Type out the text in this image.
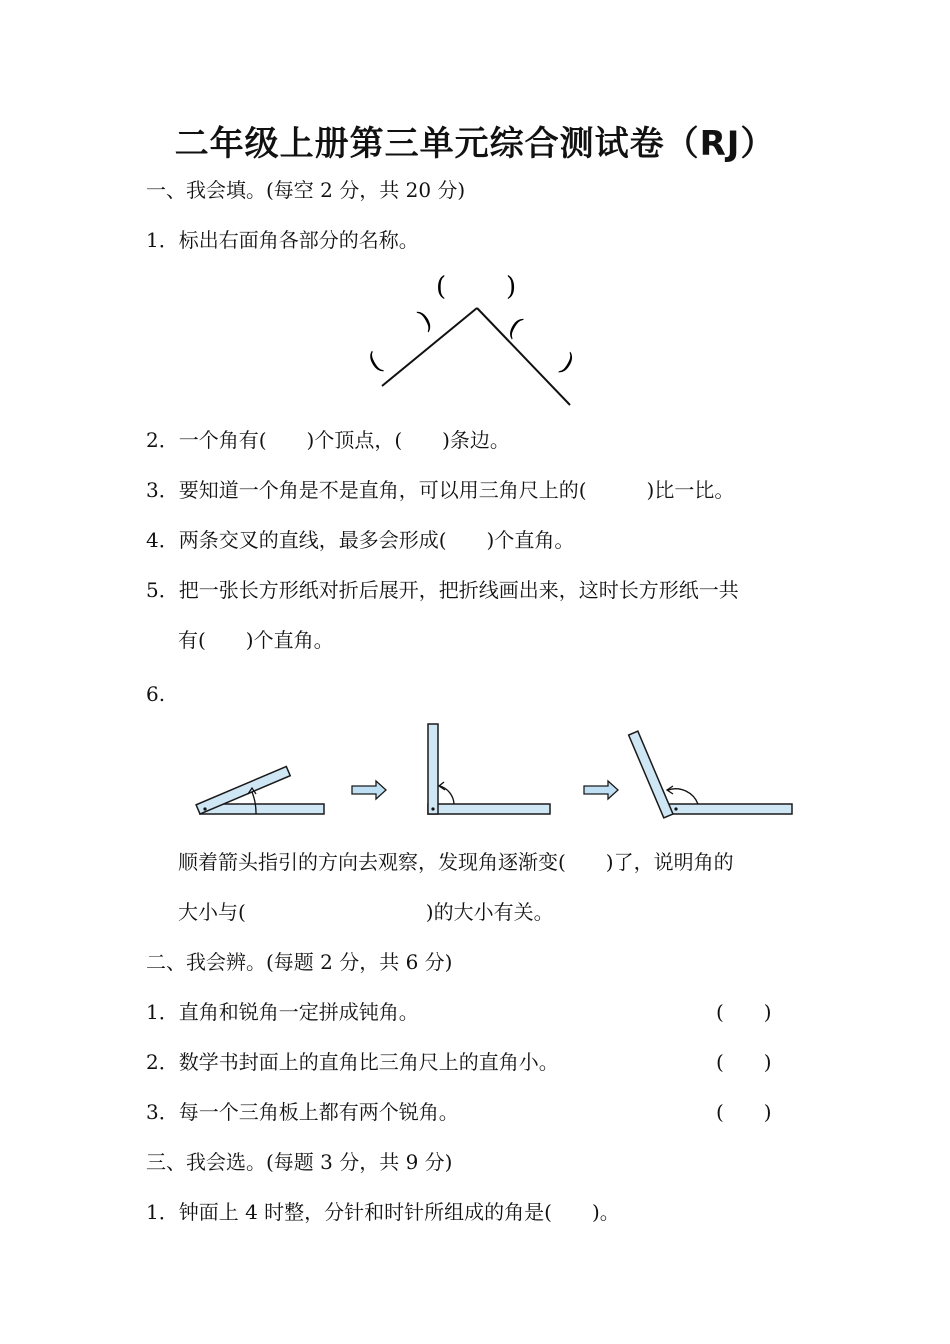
二年级上册第三单元综合测试卷（RJ）
一、我会填。(每空 2 分，共 20 分)
1．标出右面角各部分的名称。
( )
)	(
(	)
2．一个角有(　　)个顶点，(　　)条边。
3．要知道一个角是不是直角，可以用三角尺上的(　　　)比一比。
4．两条交叉的直线，最多会形成(　　)个直角。
5．把一张长方形纸对折后展开，把折线画出来，这时长方形纸一共
有(　　)个直角。
6.
顺着箭头指引的方向去观察，发现角逐渐变(　　)了，说明角的
大小与(　　　　　　　　　)的大小有关。
二、我会辨。(每题 2 分，共 6 分)
1．直角和锐角一定拼成钝角。	(　　)
2．数学书封面上的直角比三角尺上的直角小。	(　　)
3．每一个三角板上都有两个锐角。	(　　)
三、我会选。(每题 3 分，共 9 分)
1．钟面上 4 时整，分针和时针所组成的角是(　　)。
